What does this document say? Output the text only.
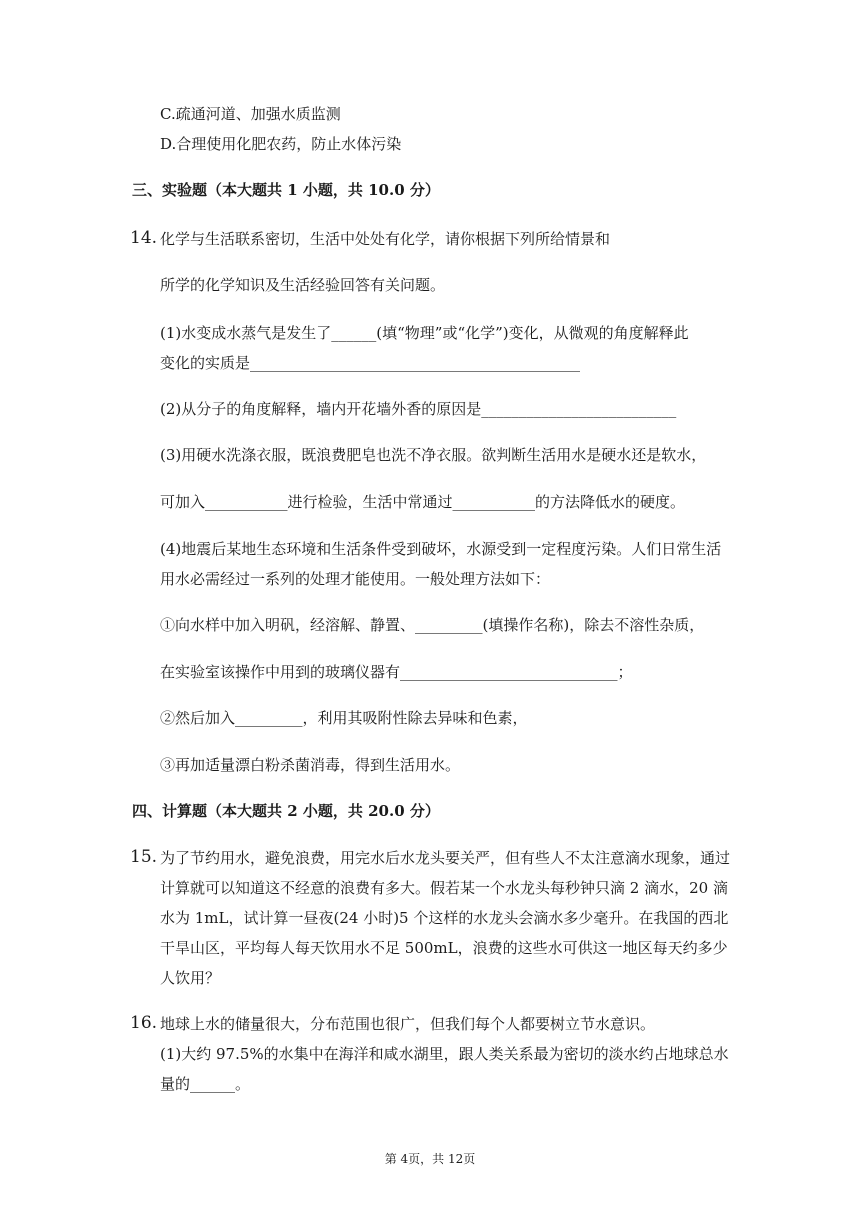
C.疏通河道、加强水质监测
D.合理使用化肥农药，防止水体污染
三、实验题（本大题共 1 小题，共 10.0 分）
14. 化学与生活联系密切，生活中处处有化学，请你根据下列所给情景和
所学的化学知识及生活经验回答有关问题。
(1)水变成水蒸气是发生了______(填“物理”或“化学”)变化，从微观的角度解释此
变化的实质是____________________________________________
(2)从分子的角度解释，墙内开花墙外香的原因是__________________________
(3)用硬水洗涤衣服，既浪费肥皂也洗不净衣服。欲判断生活用水是硬水还是软水，
可加入___________进行检验，生活中常通过___________的方法降低水的硬度。
(4)地震后某地生态环境和生活条件受到破坏，水源受到一定程度污染。人们日常生活
用水必需经过一系列的处理才能使用。一般处理方法如下：
①向水样中加入明矾，经溶解、静置、_________(填操作名称)，除去不溶性杂质，
在实验室该操作中用到的玻璃仪器有_____________________________；
②然后加入_________，利用其吸附性除去异味和色素，
③再加适量漂白粉杀菌消毒，得到生活用水。
四、计算题（本大题共 2 小题，共 20.0 分）
15. 为了节约用水，避免浪费，用完水后水龙头要关严，但有些人不太注意滴水现象，通过
计算就可以知道这不经意的浪费有多大。假若某一个水龙头每秒钟只滴 2 滴水，20 滴
水为 1mL，试计算一昼夜(24 小时)5 个这样的水龙头会滴水多少毫升。在我国的西北
干旱山区，平均每人每天饮用水不足 500mL，浪费的这些水可供这一地区每天约多少
人饮用？
16. 地球上水的储量很大，分布范围也很广，但我们每个人都要树立节水意识。
(1)大约 97.5%的水集中在海洋和咸水湖里，跟人类关系最为密切的淡水约占地球总水
量的______。
第 4页，共 12页
